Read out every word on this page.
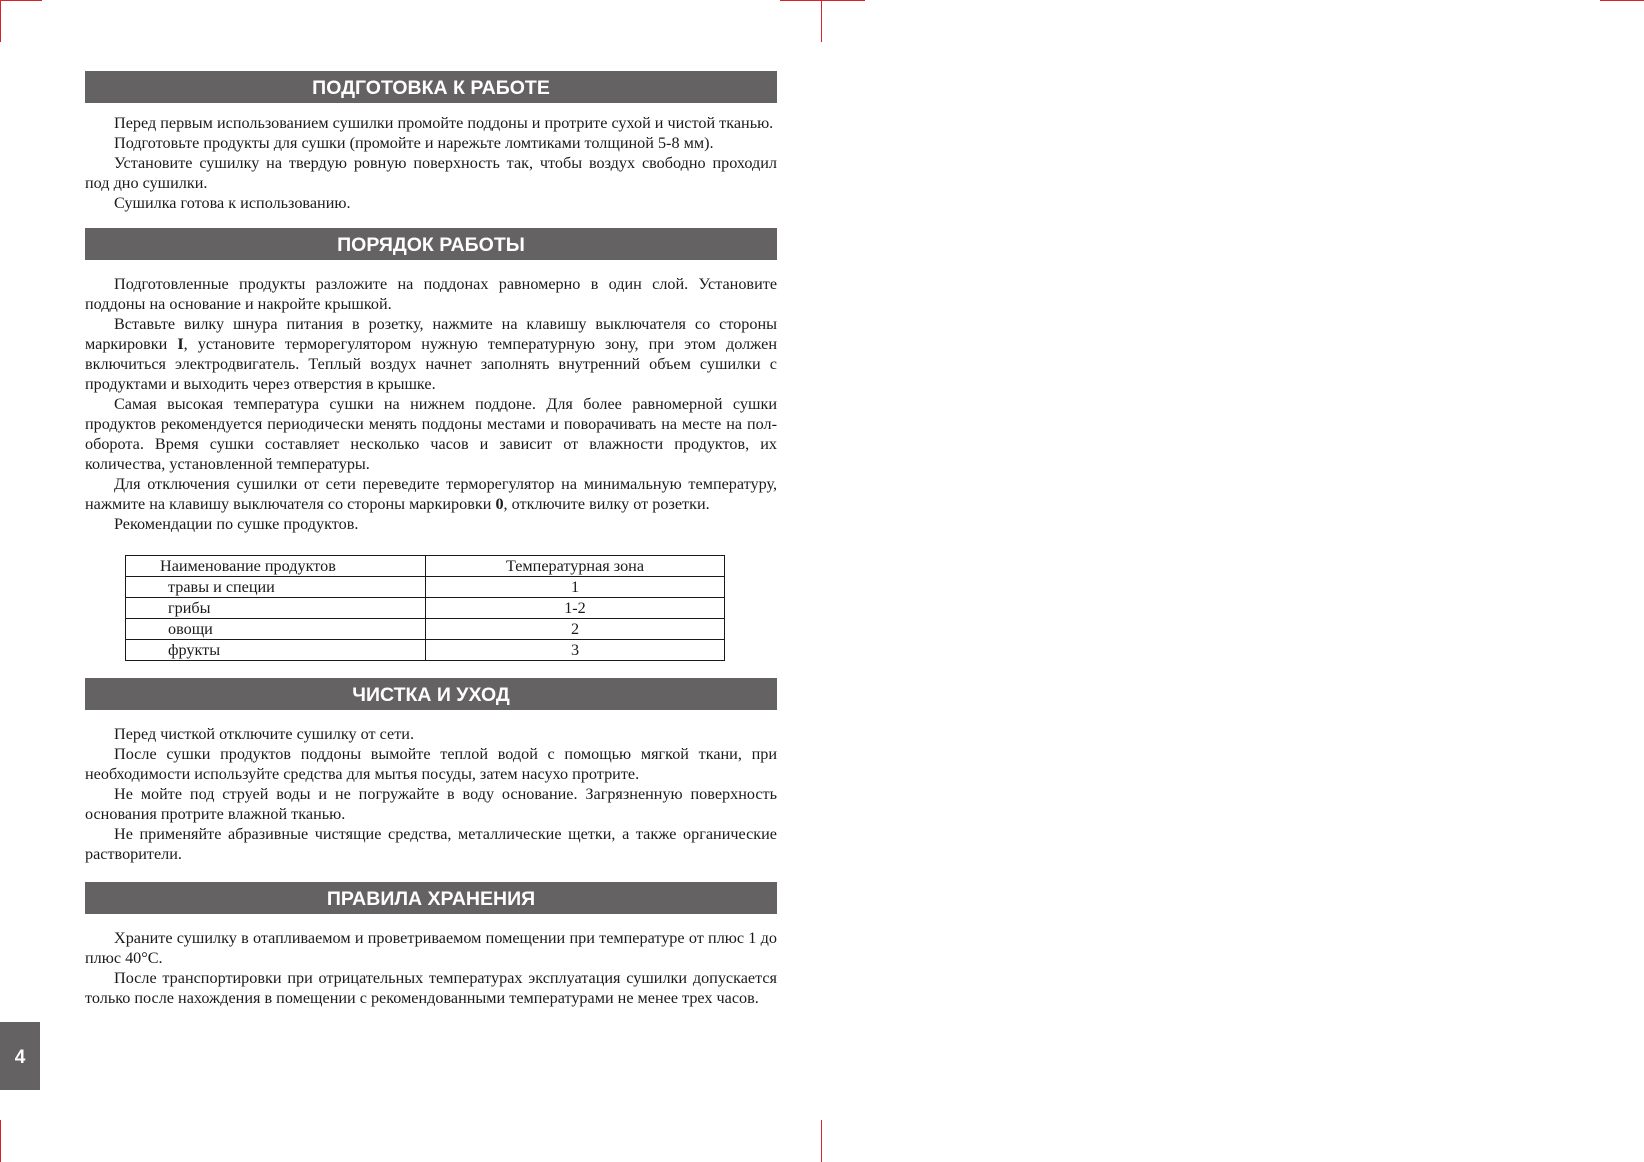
ПОДГОТОВКА К РАБОТЕ

Перед первым использованием сушилки промойте поддоны и протрите сухой и чистой тканью.

Подготовьте продукты для сушки (промойте и нарежьте ломтиками толщиной 5-8 мм).

Установите сушилку на твердую ровную поверхность так, чтобы воздух свободно проходил под дно сушилки.

Сушилка готова к использованию.

ПОРЯДОК РАБОТЫ

Подготовленные продукты разложите на поддонах равномерно в один слой. Установите поддоны на основание и накройте крышкой.

Вставьте вилку шнура питания в розетку, нажмите на клавишу выключателя со стороны маркировки I, установите терморегулятором нужную температурную зону, при этом должен включиться электродвигатель. Теплый воздух начнет заполнять внутренний объем сушилки с продуктами и выходить через отверстия в крышке.

Самая высокая температура сушки на нижнем поддоне. Для более равномерной сушки продуктов рекомендуется периодически менять поддоны местами и поворачивать на месте на пол-оборота. Время сушки составляет несколько часов и зависит от влажности продуктов, их количества, установленной температуры.

Для отключения сушилки от сети переведите терморегулятор на минимальную температуру, нажмите на клавишу выключателя со стороны маркировки 0, отключите вилку от розетки.

Рекомендации по сушке продуктов.

Наименование продуктов	Температурная зона
травы и специи	1
грибы	1-2
овощи	2
фрукты	3
ЧИСТКА И УХОД

Перед чисткой отключите сушилку от сети.

После сушки продуктов поддоны вымойте теплой водой с помощью мягкой ткани, при необходимости используйте средства для мытья посуды, затем насухо протрите.

Не мойте под струей воды и не погружайте в воду основание. Загрязненную поверхность основания протрите влажной тканью.

Не применяйте абразивные чистящие средства, металлические щетки, а также органические растворители.

ПРАВИЛА ХРАНЕНИЯ

Храните сушилку в отапливаемом и проветриваемом помещении при температуре от плюс 1 до плюс 40°С.

После транспортировки при отрицательных температурах эксплуатация сушилки допускается только после нахождения в помещении с рекомендованными температурами не менее трех часов.

4
